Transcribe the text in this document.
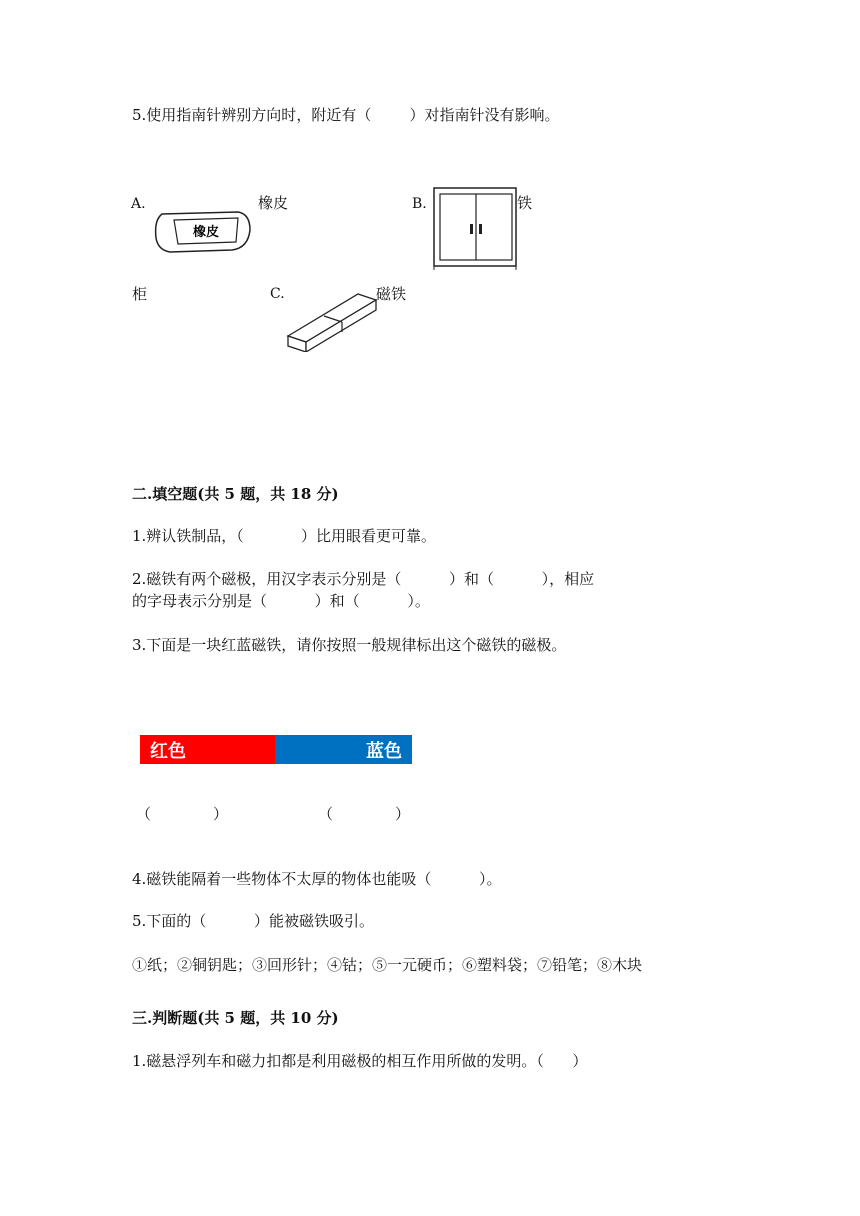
5.使用指南针辨别方向时，附近有（        ）对指南针没有影响。
A.
橡皮
橡皮	B.	铁
柜	C.	磁铁
二.填空题(共 5 题，共 18 分)
1.辨认铁制品，（            ）比用眼看更可靠。
2.磁铁有两个磁极，用汉字表示分别是（          ）和（          ），相应
的字母表示分别是（          ）和（          ）。
3.下面是一块红蓝磁铁，请你按照一般规律标出这个磁铁的磁极。
红色	蓝色
（             ）	（             ）
4.磁铁能隔着一些物体不太厚的物体也能吸（          ）。
5.下面的（          ）能被磁铁吸引。
①纸；②铜钥匙；③回形针；④钴；⑤一元硬币；⑥塑料袋；⑦铅笔；⑧木块
三.判断题(共 5 题，共 10 分)
1.磁悬浮列车和磁力扣都是利用磁极的相互作用所做的发明。（      ）
